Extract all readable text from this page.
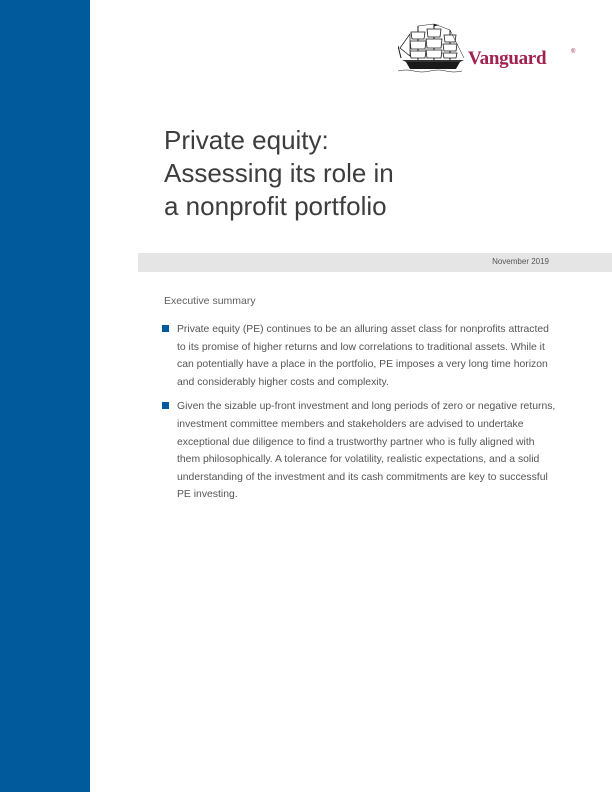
Vanguard	®
Private equity:
Assessing its role in
a nonprofit portfolio
November 2019
Executive summary
Private equity (PE) continues to be an alluring asset class for nonprofits attracted to its promise of higher returns and low correlations to traditional assets. While it can potentially have a place in the portfolio, PE imposes a very long time horizon and considerably higher costs and complexity.
Given the sizable up-front investment and long periods of zero or negative returns, investment committee members and stakeholders are advised to undertake exceptional due diligence to find a trustworthy partner who is fully aligned with them philosophically. A tolerance for volatility, realistic expectations, and a solid understanding of the investment and its cash commitments are key to successful PE investing.
